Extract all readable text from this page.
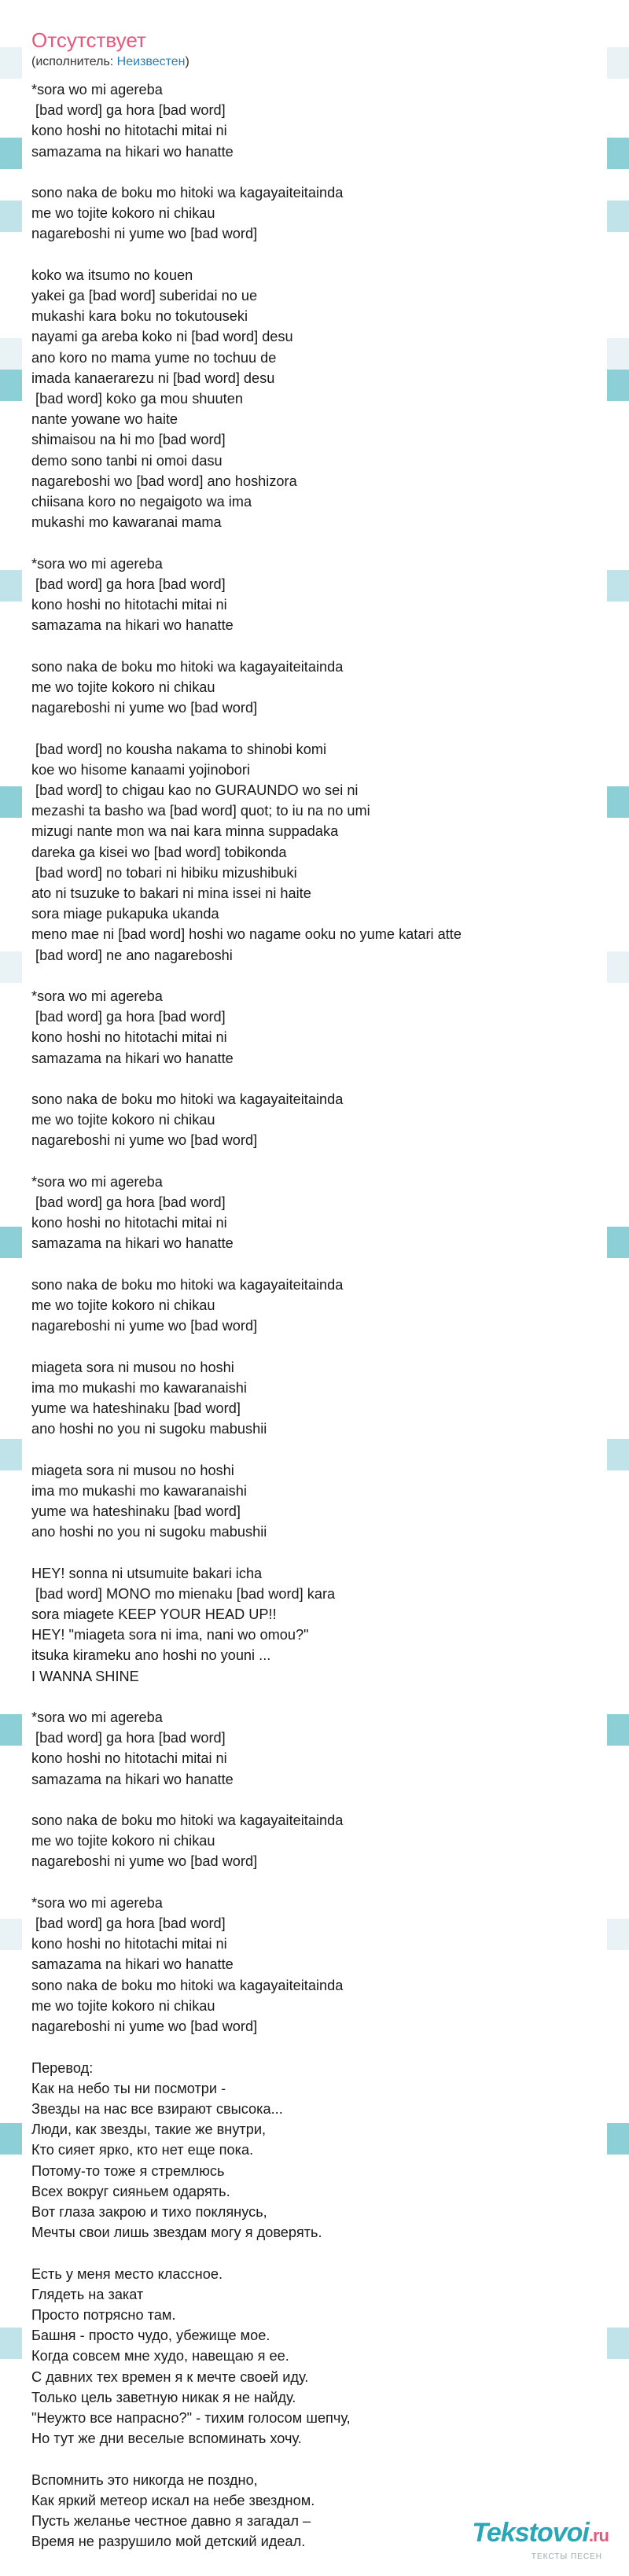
Отсутствует
(исполнитель: Неизвестен)
*sora wo mi agereba
[bad word] ga hora [bad word]
kono hoshi no hitotachi mitai ni
samazama na hikari wo hanatte

sono naka de boku mo hitoki wa kagayaiteitainda
me wo tojite kokoro ni chikau
nagareboshi ni yume wo [bad word]

koko wa itsumo no kouen
yakei ga [bad word] suberidai no ue
mukashi kara boku no tokutouseki
nayami ga areba koko ni [bad word] desu
ano koro no mama yume no tochuu de
imada kanaerarezu ni [bad word] desu
[bad word] koko ga mou shuuten
nante yowane wo haite
shimaisou na hi mo [bad word]
demo sono tanbi ni omoi dasu
nagareboshi wo [bad word] ano hoshizora
chiisana koro no negaigoto wa ima
mukashi mo kawaranai mama

*sora wo mi agereba
[bad word] ga hora [bad word]
kono hoshi no hitotachi mitai ni
samazama na hikari wo hanatte

sono naka de boku mo hitoki wa kagayaiteitainda
me wo tojite kokoro ni chikau
nagareboshi ni yume wo [bad word]

[bad word] no kousha nakama to shinobi komi
koe wo hisome kanaami yojinobori
[bad word] to chigau kao no GURAUNDO wo sei ni
mezashi ta basho wa [bad word] quot; to iu na no umi
mizugi nante mon wa nai kara minna suppadaka
dareka ga kisei wo [bad word] tobikonda
[bad word] no tobari ni hibiku mizushibuki
ato ni tsuzuke to bakari ni mina issei ni haite
sora miage pukapuka ukanda
meno mae ni [bad word] hoshi wo nagame ooku no yume katari atte
[bad word] ne ano nagareboshi

*sora wo mi agereba
[bad word] ga hora [bad word]
kono hoshi no hitotachi mitai ni
samazama na hikari wo hanatte

sono naka de boku mo hitoki wa kagayaiteitainda
me wo tojite kokoro ni chikau
nagareboshi ni yume wo [bad word]

*sora wo mi agereba
[bad word] ga hora [bad word]
kono hoshi no hitotachi mitai ni
samazama na hikari wo hanatte

sono naka de boku mo hitoki wa kagayaiteitainda
me wo tojite kokoro ni chikau
nagareboshi ni yume wo [bad word]

miageta sora ni musou no hoshi
ima mo mukashi mo kawaranaishi
yume wa hateshinaku [bad word]
ano hoshi no you ni sugoku mabushii

miageta sora ni musou no hoshi
ima mo mukashi mo kawaranaishi
yume wa hateshinaku [bad word]
ano hoshi no you ni sugoku mabushii

HEY! sonna ni utsumuite bakari icha
[bad word] MONO mo mienaku [bad word] kara
sora miagete KEEP YOUR HEAD UP!!
HEY! "miageta sora ni ima, nani wo omou?"
itsuka kirameku ano hoshi no youni ...
I WANNA SHINE

*sora wo mi agereba
[bad word] ga hora [bad word]
kono hoshi no hitotachi mitai ni
samazama na hikari wo hanatte

sono naka de boku mo hitoki wa kagayaiteitainda
me wo tojite kokoro ni chikau
nagareboshi ni yume wo [bad word]

*sora wo mi agereba
[bad word] ga hora [bad word]
kono hoshi no hitotachi mitai ni
samazama na hikari wo hanatte
sono naka de boku mo hitoki wa kagayaiteitainda
me wo tojite kokoro ni chikau
nagareboshi ni yume wo [bad word]

Перевод:
Как на небо ты ни посмотри -
Звезды на нас все взирают свысока...
Люди, как звезды, такие же внутри,
Кто сияет ярко, кто нет еще пока.
Потому-то тоже я стремлюсь
Всех вокруг сияньем одарять.
Вот глаза закрою и тихо поклянусь,
Мечты свои лишь звездам могу я доверять.

Есть у меня место классное.
Глядеть на закат
Просто потрясно там.
Башня - просто чудо, убежище мое.
Когда совсем мне худо, навещаю я ее.
С давних тех времен я к мечте своей иду.
Только цель заветную никак я не найду.
"Неужто все напрасно?" - тихим голосом шепчу,
Но тут же дни веселые вспоминать хочу.

Вспомнить это никогда не поздно,
Как яркий метеор искал на небе звездном.
Пусть желанье честное давно я загадал –
Время не разрушило мой детский идеал.	Tekstovoi.ru
ТЕКСТЫ ПЕСЕН
